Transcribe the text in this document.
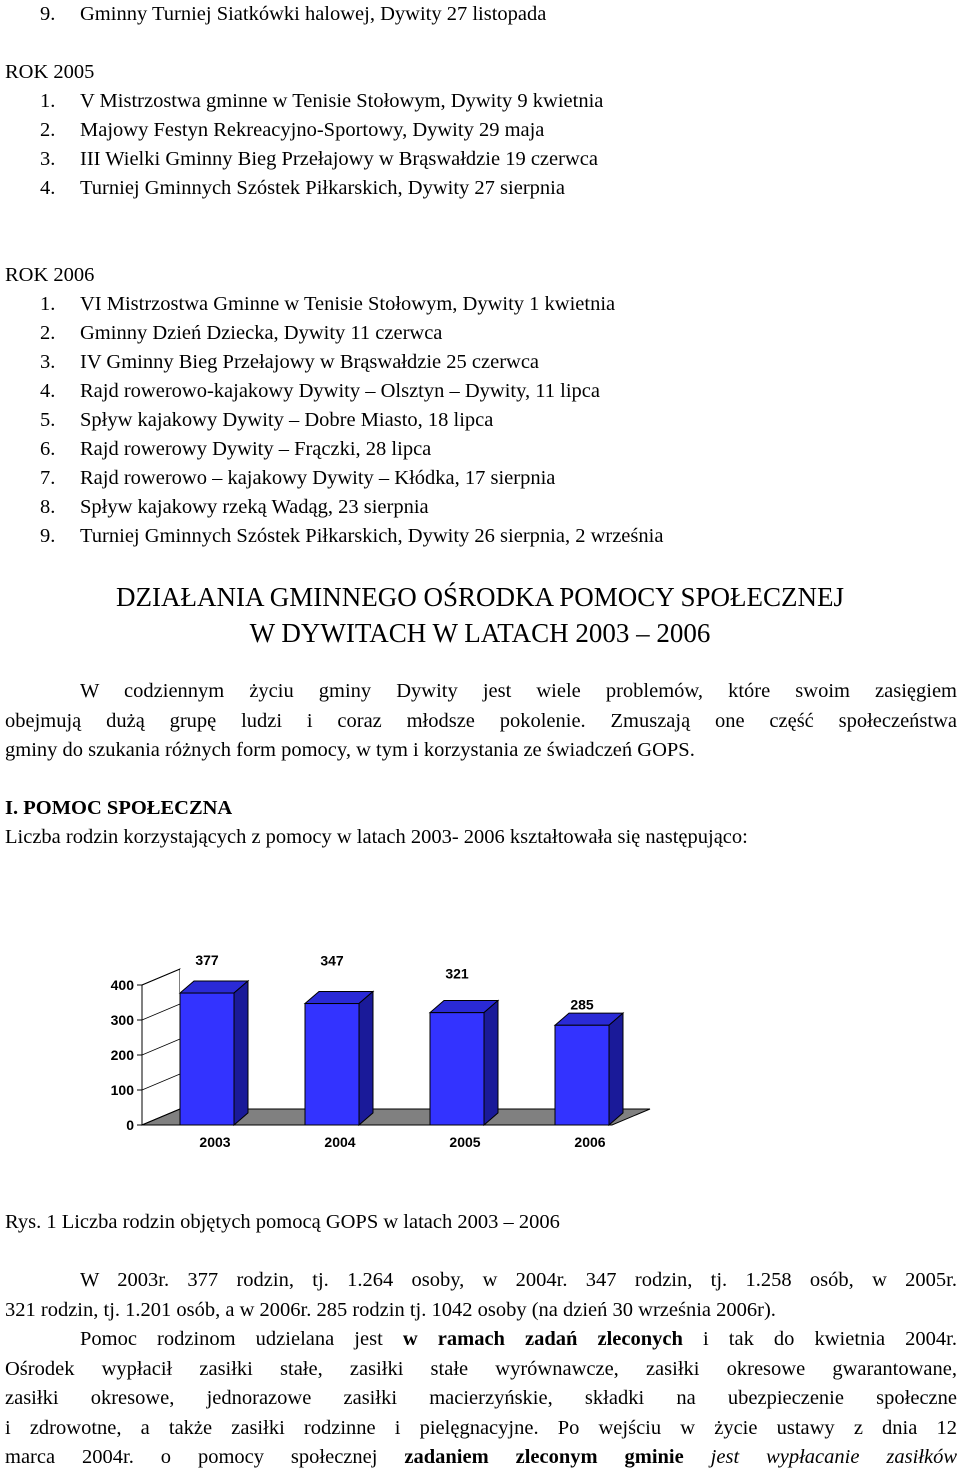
9. Gminny Turniej Siatkówki halowej, Dywity 27 listopada
ROK 2005
1. V Mistrzostwa gminne w Tenisie Stołowym, Dywity 9 kwietnia
2. Majowy Festyn Rekreacyjno-Sportowy, Dywity 29 maja
3. III Wielki Gminny Bieg Przełajowy w Brąswałdzie 19 czerwca
4. Turniej Gminnych Szóstek Piłkarskich, Dywity 27 sierpnia
ROK 2006
1. VI Mistrzostwa Gminne w Tenisie Stołowym, Dywity 1 kwietnia
2. Gminny Dzień Dziecka, Dywity 11 czerwca
3. IV Gminny Bieg Przełajowy w Brąswałdzie 25 czerwca
4. Rajd rowerowo-kajakowy Dywity – Olsztyn – Dywity, 11 lipca
5. Spływ kajakowy Dywity – Dobre Miasto, 18 lipca
6. Rajd rowerowy Dywity – Frączki, 28 lipca
7. Rajd rowerowo – kajakowy Dywity – Kłódka, 17 sierpnia
8. Spływ kajakowy rzeką Wadąg, 23 sierpnia
9. Turniej Gminnych Szóstek Piłkarskich, Dywity 26 sierpnia, 2 września
DZIAŁANIA GMINNEGO OŚRODKA POMOCY SPOŁECZNEJ
W DYWITACH W LATACH 2003 – 2006
W codziennym życiu gminy Dywity jest wiele problemów, które swoim zasięgiem
obejmują dużą grupę ludzi i coraz młodsze pokolenie. Zmuszają one część społeczeństwa
gminy do szukania różnych form pomocy, w tym i korzystania ze świadczeń GOPS.
I. POMOC SPOŁECZNA
Liczba rodzin korzystających z pomocy w latach 2003- 2006 kształtowała się następująco:
0
100
200
300
400
377
2003
347
2004
321
2005
285
2006
Rys. 1 Liczba rodzin objętych pomocą GOPS w latach 2003 – 2006
W 2003r. 377 rodzin, tj. 1.264 osoby, w 2004r. 347 rodzin, tj. 1.258 osób, w 2005r.
321 rodzin, tj. 1.201 osób, a w 2006r. 285 rodzin tj. 1042 osoby (na dzień 30 września 2006r).
Pomoc rodzinom udzielana jest w ramach zadań zleconych i tak do kwietnia 2004r.
Ośrodek wypłacił zasiłki stałe, zasiłki stałe wyrównawcze, zasiłki okresowe gwarantowane,
zasiłki okresowe, jednorazowe zasiłki macierzyńskie, składki na ubezpieczenie społeczne
i zdrowotne, a także zasiłki rodzinne i pielęgnacyjne. Po wejściu w życie ustawy z dnia 12
marca 2004r. o pomocy społecznej zadaniem zleconym gminie jest wypłacanie zasiłków
